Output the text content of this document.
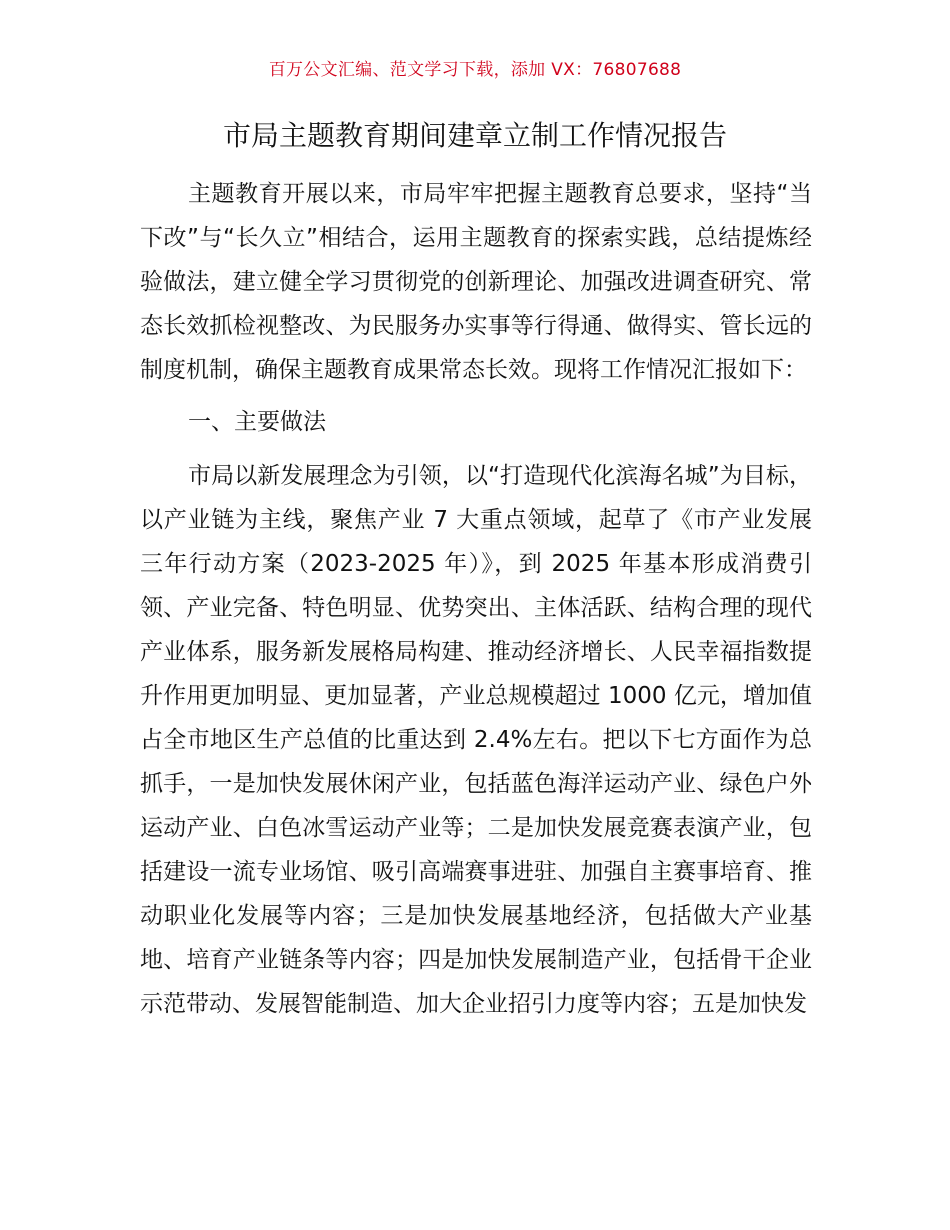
百万公文汇编、范文学习下载，添加 VX：76807688
市局主题教育期间建章立制工作情况报告

主题教育开展以来，市局牢牢把握主题教育总要求，坚持“当下改”与“长久立”相结合，运用主题教育的探索实践，总结提炼经验做法，建立健全学习贯彻党的创新理论、加强改进调查研究、常态长效抓检视整改、为民服务办实事等行得通、做得实、管长远的制度机制，确保主题教育成果常态长效。现将工作情况汇报如下：

一、主要做法

市局以新发展理念为引领，以“打造现代化滨海名城”为目标，以产业链为主线，聚焦产业 7 大重点领域，起草了《市产业发展三年行动方案（2023-2025 年）》，到 2025 年基本形成消费引领、产业完备、特色明显、优势突出、主体活跃、结构合理的现代产业体系，服务新发展格局构建、推动经济增长、人民幸福指数提升作用更加明显、更加显著，产业总规模超过 1000 亿元，增加值占全市地区生产总值的比重达到 2.4%左右。把以下七方面作为总抓手，一是加快发展休闲产业，包括蓝色海洋运动产业、绿色户外运动产业、白色冰雪运动产业等；二是加快发展竞赛表演产业，包括建设一流专业场馆、吸引高端赛事进驻、加强自主赛事培育、推动职业化发展等内容；三是加快发展基地经济，包括做大产业基地、培育产业链条等内容；四是加快发展制造产业，包括骨干企业示范带动、发展智能制造、加大企业招引力度等内容；五是加快发
